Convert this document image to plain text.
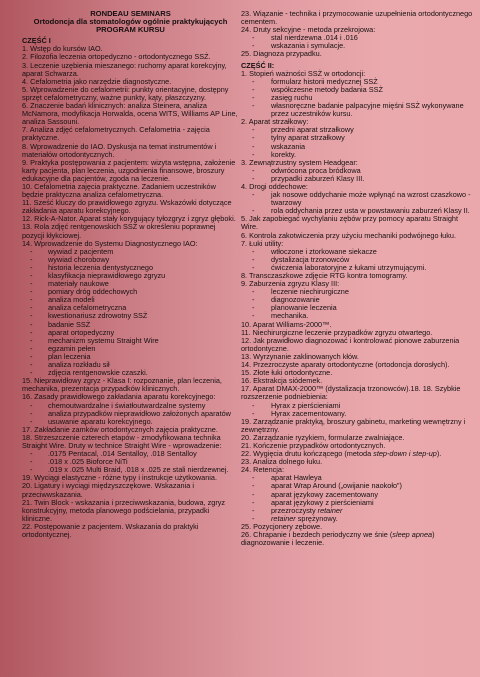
RONDEAU SEMINARS
Ortodoncja dla stomatologów ogólnie praktykujących
PROGRAM KURSU
CZĘŚĆ I
1. Wstęp do kursów IAO.
2. Filozofia leczenia ortopedyczno - ortodontycznego SSŻ.
3. Leczenie uzębienia mieszanego: ruchomy aparat korekcyjny, aparat Schwarza.
4. Cefalometria jako narzędzie diagnostyczne.
5. Wprowadzenie do cefalometrii: punkty orientacyjne, dostępny sprzęt cefalometryczny, ważne punkty, kąty, płaszczyzny.
6. Znaczenie badań klinicznych: analiza Steinera, analiza McNamora, modyfikacja Horwalda, ocena WITS, Williams AP Line, analiza Sassouni.
7. Analiza zdjęć cefalometrycznych. Cefalometria - zajęcia praktyczne.
8. Wprowadzenie do IAO. Dyskusja na temat instrumentów i materiałów ortodontycznych.
9. Praktyka postępowania z pacjentem: wizyta wstępna, założenie karty pacjenta, plan leczenia, uzgodnienia finansowe, broszury edukacyjne dla pacjentów, zgoda na leczenie.
10. Cefalometria zajęcia praktyczne. Zadaniem uczestników będzie praktyczna analiza cefalometryczna.
11. Sześć kluczy do prawidłowego zgryzu. Wskazówki dotyczące zakładania aparatu korekcyjnego.
12. Rick-A-Nator. Aparat stały korygujący tyłozgryz i zgryz głęboki.
13. Rola zdjęć rentgenowskich SSŻ w określeniu poprawnej pozycji kłykciowej.
14. Wprowadzenie do Systemu Diagnostycznego IAO:
- wywiad z pacjentem
- wywiad chorobowy
- historia leczenia dentystycznego
- klasyfikacja nieprawidłowego zgryzu
- materiały naukowe
- pomiary dróg oddechowych
- analiza modeli
- analiza cefalometryczna
- kwestionariusz zdrowotny SSŻ
- badanie SSŻ
- aparat ortopedyczny
- mechanizm systemu Straight Wire
- egzamin pełen
- plan leczenia
- analiza rozkładu sił
- zdjęcia rentgenowskie czaszki.
15. Nieprawidłowy zgryz - Klasa I: rozpoznanie, plan leczenia, mechanika, prezentacja przypadków klinicznych.
16. Zasady prawidłowego zakładania aparatu korekcyjnego:
- chemoutwardzalne i światłoutwardzalne systemy
- analiza przypadków nieprawidłowo założonych aparatów
- usuwanie aparatu korekcyjnego.
17. Zakładanie zamków ortodontycznych zajęcia praktyczne.
18. Strzeszczenie czterech etapów - zmodyfikowana technika Straight Wire. Druty w technice Straight Wire - wprowadzenie:
- .0175 Pentacal, .014 Sentalloy, .018 Sentalloy
- .018 x .025 Bioforce NiTi
- .019 x .025 Multi Braid, .018 x .025 ze stali nierdzewnej.
19. Wyciągi elastyczne - różne typy i instrukcje użytkowania.
20. Ligatury i wyciągi międzyszczękowe. Wskazania i przeciwwskazania.
21. Twin Block - wskazania i przeciwwskazania, budowa, zgryz konstrukcyjny, metoda planowego podścielania, przypadki kliniczne.
22. Postępowanie z pacjentem. Wskazania do praktyki ortodontycznej.
23. Wiązanie - technika i przymocowanie uzupełnienia ortodontycznego cementem.
24. Druty sekcyjne - metoda przekrojowa:
- stal nierdzewna .014 i .016
- wskazania i symulacje.
25. Diagnoza przypadku.
CZĘŚĆ II:
1. Stopień ważności SSŻ w ortodoncji:
- formularz historii medycznej SSŻ
- współczesne metody badania SSŻ
- zasięg ruchu
- własnoręczne badanie palpacyjne mięśni SSŻ wykonywane przez uczestników kursu.
2. Aparat strzałkowy:
- przedni aparat strzałkowy
- tylny aparat strzałkowy
- wskazania
- korekty.
3. Zewnątrzustny system Headgear:
- odwrócona proca bródkowa
- przypadki zaburzeń Klasy III.
4. Drogi oddechowe:
- jak nosowe oddychanie może wpłynąć na wzrost czaszkowo - twarzowy
- rola oddychania przez usta w powstawaniu zaburzeń Klasy II.
5. Jak zapobiegać wychylaniu zębów przy pomocy aparatu Straight Wire.
6. Kontrola zakotwiczenia przy użyciu mechaniki podwójnego łuku.
7. Łuki utility:
- wtłoczone i ztorkowane siekacze
- dystalizacja trzonowców
- ćwiczenia laboratoryjne z łukami utrzymującymi.
8. Transczaszkowe zdjęcie RTG kontra tomogramy.
9. Zaburzenia zgryzu Klasy III:
- leczenie niechirurgiczne
- diagnozowanie
- planowanie leczenia
- mechanika.
10. Aparat Williams-2000™.
11. Niechirurgiczne leczenie przypadków zgryzu otwartego.
12. Jak prawidłowo diagnozować i kontrolować pionowe zaburzenia ortodontyczne.
13. Wyrzynanie zaklinowanych kłów.
14. Przezroczyste aparaty ortodontyczne (ortodoncja dorosłych).
15. Złote łuki ortodontyczne.
16. Ekstrakcja siódemek.
17. Aparat DMAX-2000™ (dystalizacja trzonowców).18. 18. Szybkie rozszerzenie podniebienia:
- Hyrax z pierścieniami
- Hyrax zacementowany.
19. Zarządzanie praktyką, broszury gabinetu, marketing wewnętrzny i zewnętrzny.
20. Zarządzanie ryzykiem, formularze zwalniające.
21. Kończenie przypadków ortodontycznych.
22. Wygięcia drutu kończącego (metoda step-down i step-up).
23. Analiza dolnego łuku.
24. Retencja:
- aparat Hawleya
- aparat Wrap Around („owijanie naokoło”)
- aparat językowy zacementowany
- aparat językowy z pierścieniami
- przezroczysty retainer
- retainer sprężynowy.
25. Pozycjonery zębowe.
26. Chrapanie i bezdech periodyczny we śnie (sleep apnea) diagnozowanie i leczenie.
